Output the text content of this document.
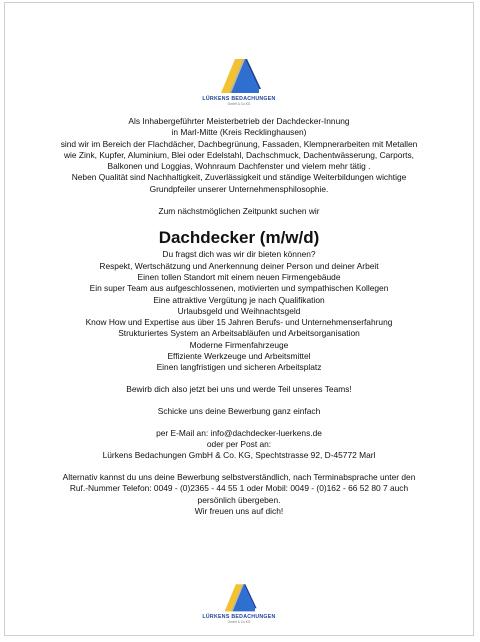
LÜRKENS BEDACHUNGEN
GmbH & Co.KG

Als Inhabergeführter Meisterbetrieb der Dachdecker-Innung

in Marl-Mitte (Kreis Recklinghausen)

sind wir im Bereich der Flachdächer, Dachbegrünung, Fassaden, Klempnerarbeiten mit Metallen

wie Zink, Kupfer, Aluminium, Blei oder Edelstahl, Dachschmuck, Dachentwässerung, Carports,

Balkonen und Loggias, Wohnraum Dachfenster und vielem mehr tätig .

Neben Qualität sind Nachhaltigkeit, Zuverlässigkeit und ständige Weiterbildungen wichtige

Grundpfeiler unserer Unternehmensphilosophie.

Zum nächstmöglichen Zeitpunkt suchen wir

Dachdecker (m/w/d)

Du fragst dich was wir dir bieten können?

Respekt, Wertschätzung und Anerkennung deiner Person und deiner Arbeit

Einen tollen Standort mit einem neuen Firmengebäude

Ein super Team aus aufgeschlossenen, motivierten und sympathischen Kollegen

Eine attraktive Vergütung je nach Qualifikation

Urlaubsgeld und Weihnachtsgeld

Know How und Expertise aus über 15 Jahren Berufs- und Unternehmenserfahrung

Strukturiertes System an Arbeitsabläufen und Arbeitsorganisation

Moderne Firmenfahrzeuge

Effiziente Werkzeuge und Arbeitsmittel

Einen langfristigen und sicheren Arbeitsplatz

Bewirb dich also jetzt bei uns und werde Teil unseres Teams!

Schicke uns deine Bewerbung ganz einfach

per E-Mail an: info@dachdecker-luerkens.de

oder per Post an:

Lürkens Bedachungen GmbH & Co. KG, Spechtstrasse 92, D-45772 Marl

Alternativ kannst du uns deine Bewerbung selbstverständlich, nach Terminabsprache unter den

Ruf.-Nummer Telefon: 0049 - (0)2365 - 44 55 1 oder Mobil: 0049 - (0)162 - 66 52 80 7 auch

persönlich übergeben.

Wir freuen uns auf dich!

LÜRKENS BEDACHUNGEN
GmbH & Co.KG
